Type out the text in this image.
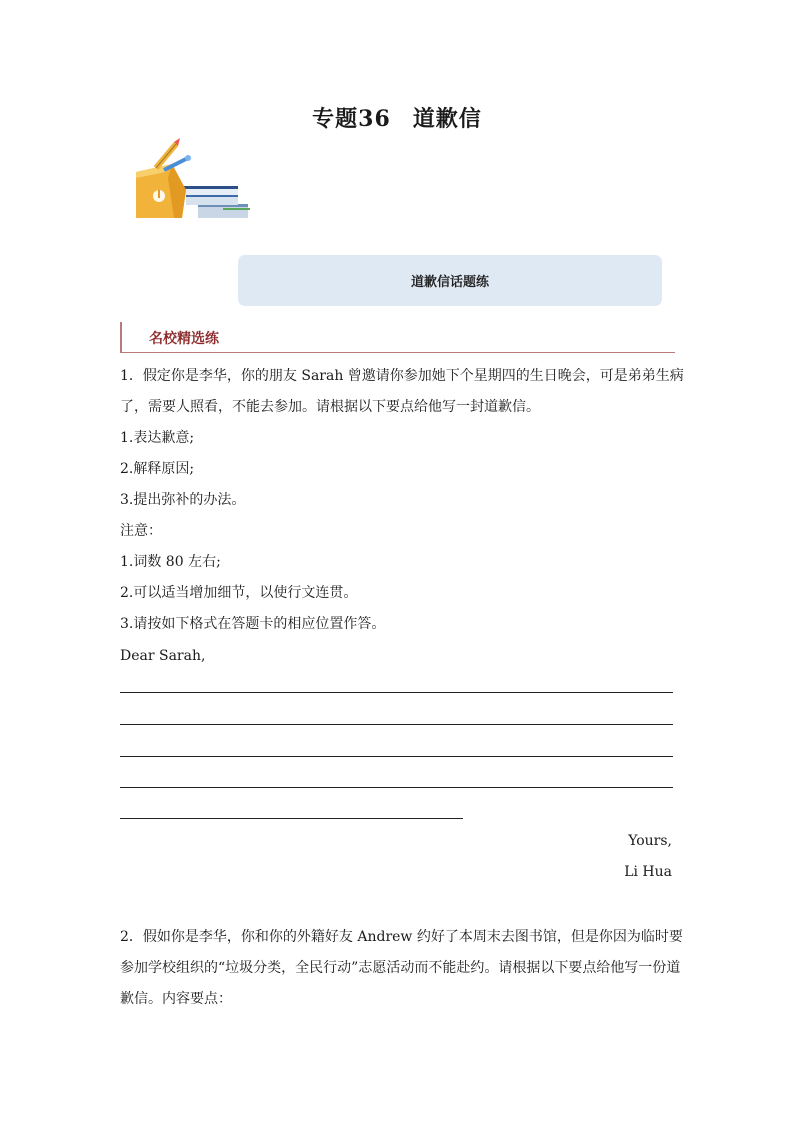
专题36 道歉信
道歉信话题练
名校精选练
1．假定你是李华，你的朋友 Sarah 曾邀请你参加她下个星期四的生日晚会，可是弟弟生病
了，需要人照看，不能去参加。请根据以下要点给他写一封道歉信。
1.表达歉意;
2.解释原因;
3.提出弥补的办法。
注意：
1.词数 80 左右;
2.可以适当增加细节，以使行文连贯。
3.请按如下格式在答题卡的相应位置作答。
Dear Sarah,
Yours,
Li Hua
2．假如你是李华，你和你的外籍好友 Andrew 约好了本周末去图书馆，但是你因为临时要
参加学校组织的“垃圾分类，全民行动”志愿活动而不能赴约。请根据以下要点给他写一份道
歉信。内容要点：
